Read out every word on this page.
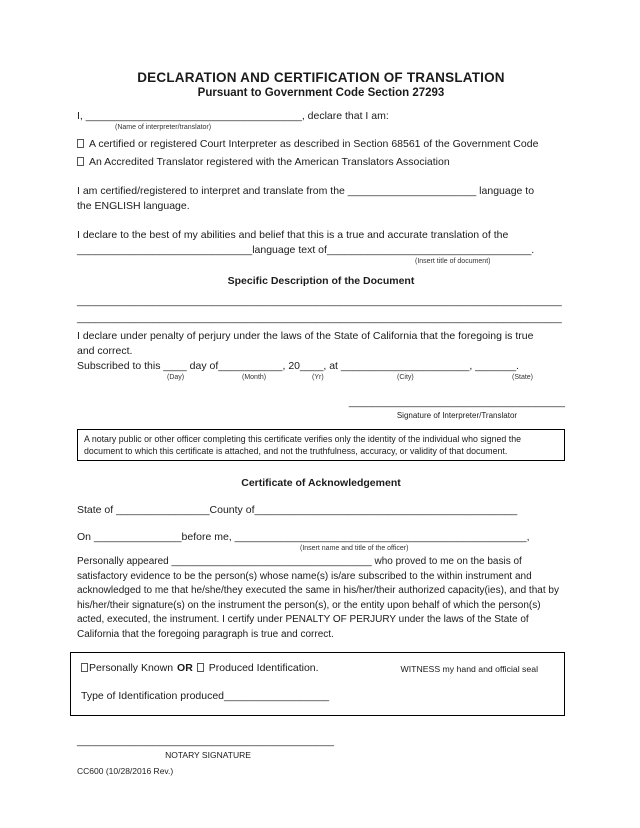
DECLARATION AND CERTIFICATION OF TRANSLATION
Pursuant to Government Code Section 27293
I, _____________________________________, declare that I am:
(Name of interpreter/translator)
A certified or registered Court Interpreter as described in Section 68561 of the Government Code
An Accredited Translator registered with the American Translators Association
I am certified/registered to interpret and translate from the ______________________ language to
the ENGLISH language.
I declare to the best of my abilities and belief that this is a true and accurate translation of the
______________________________language text of___________________________________.
(Insert title of document)
Specific Description of the Document
___________________________________________________________________________________
___________________________________________________________________________________
I declare under penalty of perjury under the laws of the State of California that the foregoing is true
and correct.
Subscribed to this ____ day of___________, 20____, at ______________________, _______.
(Day)	(Month)	(Yr)	(City)	(State)
_____________________________________
Signature of Interpreter/Translator
A notary public or other officer completing this certificate verifies only the identity of the individual who signed the document to which this certificate is attached, and not the truthfulness, accuracy, or validity of that document.
Certificate of Acknowledgement
State of ________________County of_____________________________________________
On _______________before me, __________________________________________________,
(Insert name and title of the officer)
Personally appeared ____________________________________ who proved to me on the basis of satisfactory evidence to be the person(s) whose name(s) is/are subscribed to the within instrument and acknowledged to me that he/she/they executed the same in his/her/their authorized capacity(ies), and that by his/her/their signature(s) on the instrument the person(s), or the entity upon behalf of which the person(s) acted, executed, the instrument. I certify under PENALTY OF PERJURY under the laws of the State of California that the foregoing paragraph is true and correct.
Personally Known OR Produced Identification.	WITNESS my hand and official seal
Type of Identification produced__________________
____________________________________________
NOTARY SIGNATURE
CC600 (10/28/2016 Rev.)
